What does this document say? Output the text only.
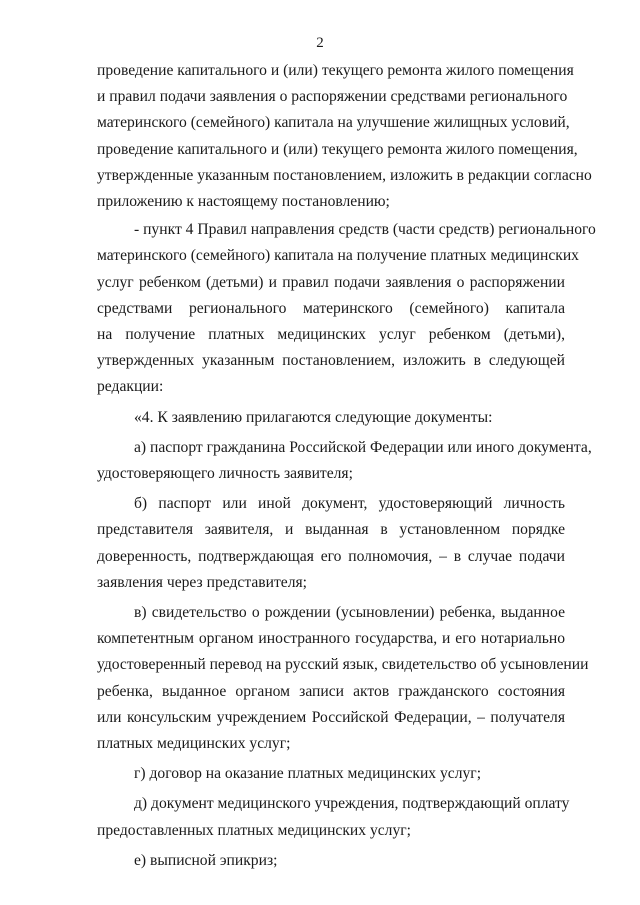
2

проведение капитального и (или) текущего ремонта жилого помещения
и правил подачи заявления о распоряжении средствами регионального
материнского (семейного) капитала на улучшение жилищных условий,
проведение капитального и (или) текущего ремонта жилого помещения,
утвержденные указанным постановлением, изложить в редакции согласно
приложению к настоящему постановлению;

- пункт 4 Правил направления средств (части средств) регионального
материнского (семейного) капитала на получение платных медицинских
услуг ребенком (детьми) и правил подачи заявления о распоряжении
средствами регионального материнского (семейного) капитала
на получение платных медицинских услуг ребенком (детьми),
утвержденных указанным постановлением, изложить в следующей
редакции:

«4. К заявлению прилагаются следующие документы:

а) паспорт гражданина Российской Федерации или иного документа,
удостоверяющего личность заявителя;

б) паспорт или иной документ, удостоверяющий личность
представителя заявителя, и выданная в установленном порядке
доверенность, подтверждающая его полномочия, – в случае подачи
заявления через представителя;

в) свидетельство о рождении (усыновлении) ребенка, выданное
компетентным органом иностранного государства, и его нотариально
удостоверенный перевод на русский язык, свидетельство об усыновлении
ребенка, выданное органом записи актов гражданского состояния
или консульским учреждением Российской Федерации, – получателя
платных медицинских услуг;

г) договор на оказание платных медицинских услуг;

д) документ медицинского учреждения, подтверждающий оплату
предоставленных платных медицинских услуг;

е) выписной эпикриз;
